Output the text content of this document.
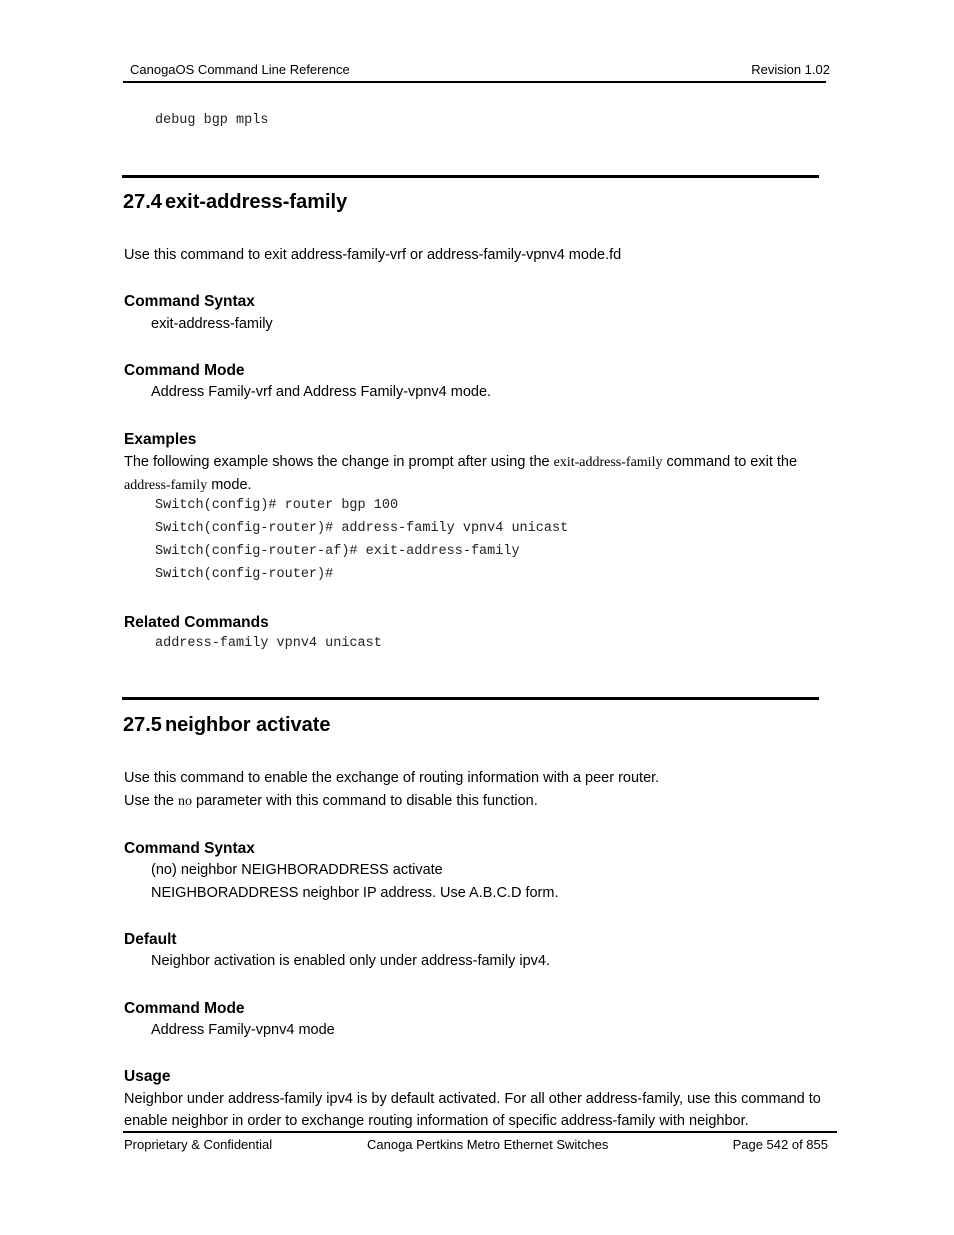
CanogaOS Command Line Reference	Revision 1.02
debug bgp mpls
27.4 exit-address-family
Use this command to exit address-family-vrf or address-family-vpnv4 mode.fd
Command Syntax
exit-address-family
Command Mode
Address Family-vrf and Address Family-vpnv4 mode.
Examples
The following example shows the change in prompt after using the exit-address-family command to exit the
address-family mode.
Switch(config)# router bgp 100
Switch(config-router)# address-family vpnv4 unicast
Switch(config-router-af)# exit-address-family
Switch(config-router)#
Related Commands
address-family vpnv4 unicast
27.5 neighbor activate
Use this command to enable the exchange of routing information with a peer router.
Use the no parameter with this command to disable this function.
Command Syntax
(no) neighbor NEIGHBORADDRESS activate
NEIGHBORADDRESS neighbor IP address. Use A.B.C.D form.
Default
Neighbor activation is enabled only under address-family ipv4.
Command Mode
Address Family-vpnv4 mode
Usage
Neighbor under address-family ipv4 is by default activated. For all other address-family, use this command to
enable neighbor in order to exchange routing information of specific address-family with neighbor.
Proprietary & Confidential	Canoga Pertkins Metro Ethernet Switches	Page 542 of 855
